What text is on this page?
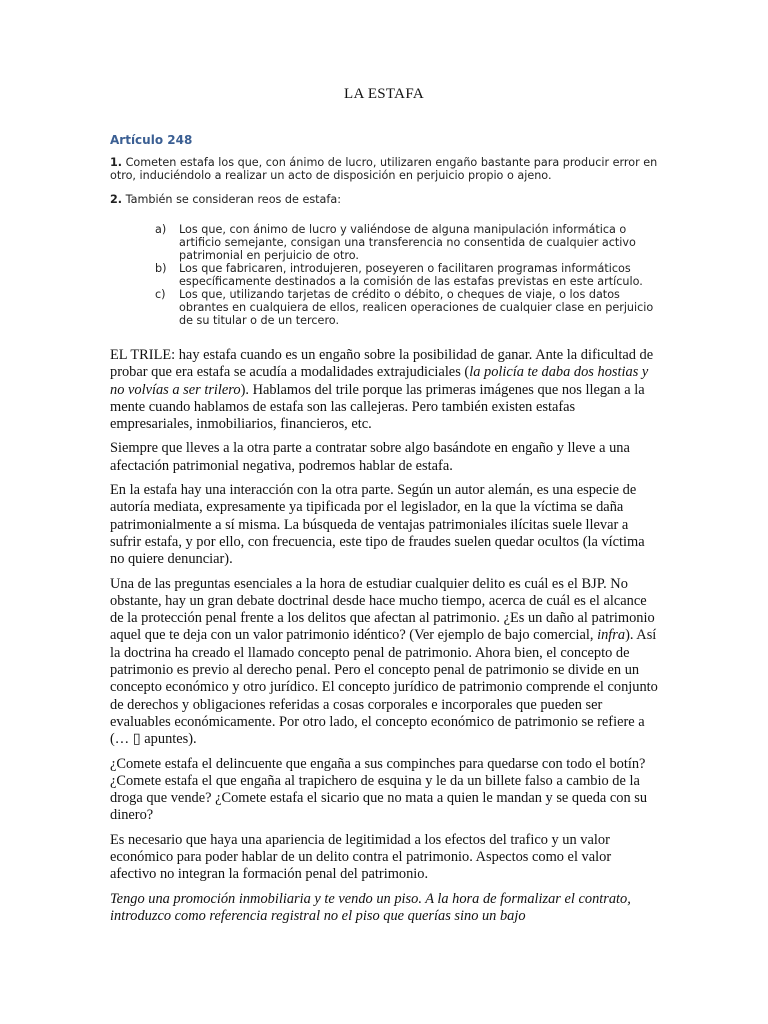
LA ESTAFA
Artículo 248

1. Cometen estafa los que, con ánimo de lucro, utilizaren engaño bastante para producir error en otro, induciéndolo a realizar un acto de disposición en perjuicio propio o ajeno.

2. También se consideran reos de estafa:

a)	Los que, con ánimo de lucro y valiéndose de alguna manipulación informática o artificio semejante, consigan una transferencia no consentida de cualquier activo patrimonial en perjuicio de otro.
b)	Los que fabricaren, introdujeren, poseyeren o facilitaren programas informáticos específicamente destinados a la comisión de las estafas previstas en este artículo.
c)	Los que, utilizando tarjetas de crédito o débito, o cheques de viaje, o los datos obrantes en cualquiera de ellos, realicen operaciones de cualquier clase en perjuicio de su titular o de un tercero.

EL TRILE: hay estafa cuando es un engaño sobre la posibilidad de ganar. Ante la dificultad de probar que era estafa se acudía a modalidades extrajudiciales (la policía te daba dos hostias y no volvías a ser trilero). Hablamos del trile porque las primeras imágenes que nos llegan a la mente cuando hablamos de estafa son las callejeras. Pero también existen estafas empresariales, inmobiliarios, financieros, etc.

Siempre que lleves a la otra parte a contratar sobre algo basándote en engaño y lleve a una afectación patrimonial negativa, podremos hablar de estafa.

En la estafa hay una interacción con la otra parte. Según un autor alemán, es una especie de autoría mediata, expresamente ya tipificada por el legislador, en la que la víctima se daña patrimonialmente a sí misma. La búsqueda de ventajas patrimoniales ilícitas suele llevar a sufrir estafa, y por ello, con frecuencia, este tipo de fraudes suelen quedar ocultos (la víctima no quiere denunciar).

Una de las preguntas esenciales a la hora de estudiar cualquier delito es cuál es el BJP. No obstante, hay un gran debate doctrinal desde hace mucho tiempo, acerca de cuál es el alcance de la protección penal frente a los delitos que afectan al patrimonio. ¿Es un daño al patrimonio aquel que te deja con un valor patrimonio idéntico? (Ver ejemplo de bajo comercial, infra). Así la doctrina ha creado el llamado concepto penal de patrimonio. Ahora bien, el concepto de patrimonio es previo al derecho penal. Pero el concepto penal de patrimonio se divide en un concepto económico y otro jurídico. El concepto jurídico de patrimonio comprende el conjunto de derechos y obligaciones referidas a cosas corporales e incorporales que pueden ser evaluables económicamente. Por otro lado, el concepto económico de patrimonio se refiere a (… ▯ apuntes).

¿Comete estafa el delincuente que engaña a sus compinches para quedarse con todo el botín? ¿Comete estafa el que engaña al trapichero de esquina y le da un billete falso a cambio de la droga que vende? ¿Comete estafa el sicario que no mata a quien le mandan y se queda con su dinero?

Es necesario que haya una apariencia de legitimidad a los efectos del trafico y un valor económico para poder hablar de un delito contra el patrimonio. Aspectos como el valor afectivo no integran la formación penal del patrimonio.

Tengo una promoción inmobiliaria y te vendo un piso. A la hora de formalizar el contrato, introduzco como referencia registral no el piso que querías sino un bajo
